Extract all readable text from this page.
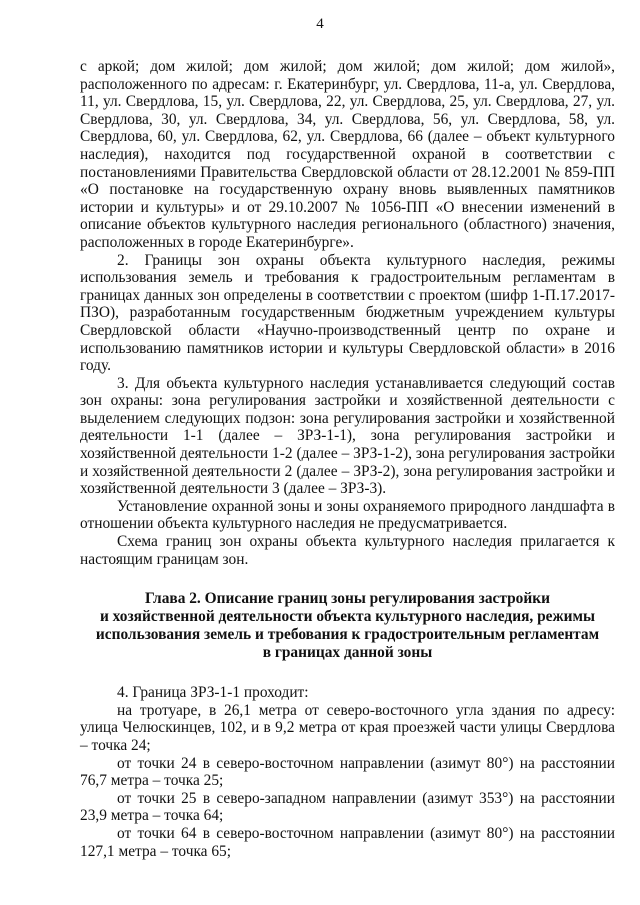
4

с аркой; дом жилой; дом жилой; дом жилой; дом жилой; дом жилой», расположенного по адресам: г. Екатеринбург, ул. Свердлова, 11-а, ул. Свердлова, 11, ул. Свердлова, 15, ул. Свердлова, 22, ул. Свердлова, 25, ул. Свердлова, 27, ул. Свердлова, 30, ул. Свердлова, 34, ул. Свердлова, 56, ул. Свердлова, 58, ул. Свердлова, 60, ул. Свердлова, 62, ул. Свердлова, 66 (далее – объект культурного наследия), находится под государственной охраной в соответствии с постановлениями Правительства Свердловской области от 28.12.2001 № 859-ПП «О постановке на государственную охрану вновь выявленных памятников истории и культуры» и от 29.10.2007 № 1056-ПП «О внесении изменений в описание объектов культурного наследия регионального (областного) значения, расположенных в городе Екатеринбурге».

2. Границы зон охраны объекта культурного наследия, режимы использования земель и требования к градостроительным регламентам в границах данных зон определены в соответствии с проектом (шифр 1-П.17.2017-ПЗО), разработанным государственным бюджетным учреждением культуры Свердловской области «Научно-производственный центр по охране и использованию памятников истории и культуры Свердловской области» в 2016 году.

3. Для объекта культурного наследия устанавливается следующий состав зон охраны: зона регулирования застройки и хозяйственной деятельности с выделением следующих подзон: зона регулирования застройки и хозяйственной деятельности 1-1 (далее – ЗРЗ-1-1), зона регулирования застройки и хозяйственной деятельности 1-2 (далее – ЗРЗ-1-2), зона регулирования застройки и хозяйственной деятельности 2 (далее – ЗРЗ-2), зона регулирования застройки и хозяйственной деятельности 3 (далее – ЗРЗ-3).

Установление охранной зоны и зоны охраняемого природного ландшафта в отношении объекта культурного наследия не предусматривается.

Схема границ зон охраны объекта культурного наследия прилагается к настоящим границам зон.

Глава 2. Описание границ зоны регулирования застройки
и хозяйственной деятельности объекта культурного наследия, режимы
использования земель и требования к градостроительным регламентам
в границах данной зоны

4. Граница ЗРЗ-1-1 проходит:

на тротуаре, в 26,1 метра от северо-восточного угла здания по адресу: улица Челюскинцев, 102, и в 9,2 метра от края проезжей части улицы Свердлова – точка 24;

от точки 24 в северо-восточном направлении (азимут 80°) на расстоянии 76,7 метра – точка 25;

от точки 25 в северо-западном направлении (азимут 353°) на расстоянии 23,9 метра – точка 64;

от точки 64 в северо-восточном направлении (азимут 80°) на расстоянии 127,1 метра – точка 65;
